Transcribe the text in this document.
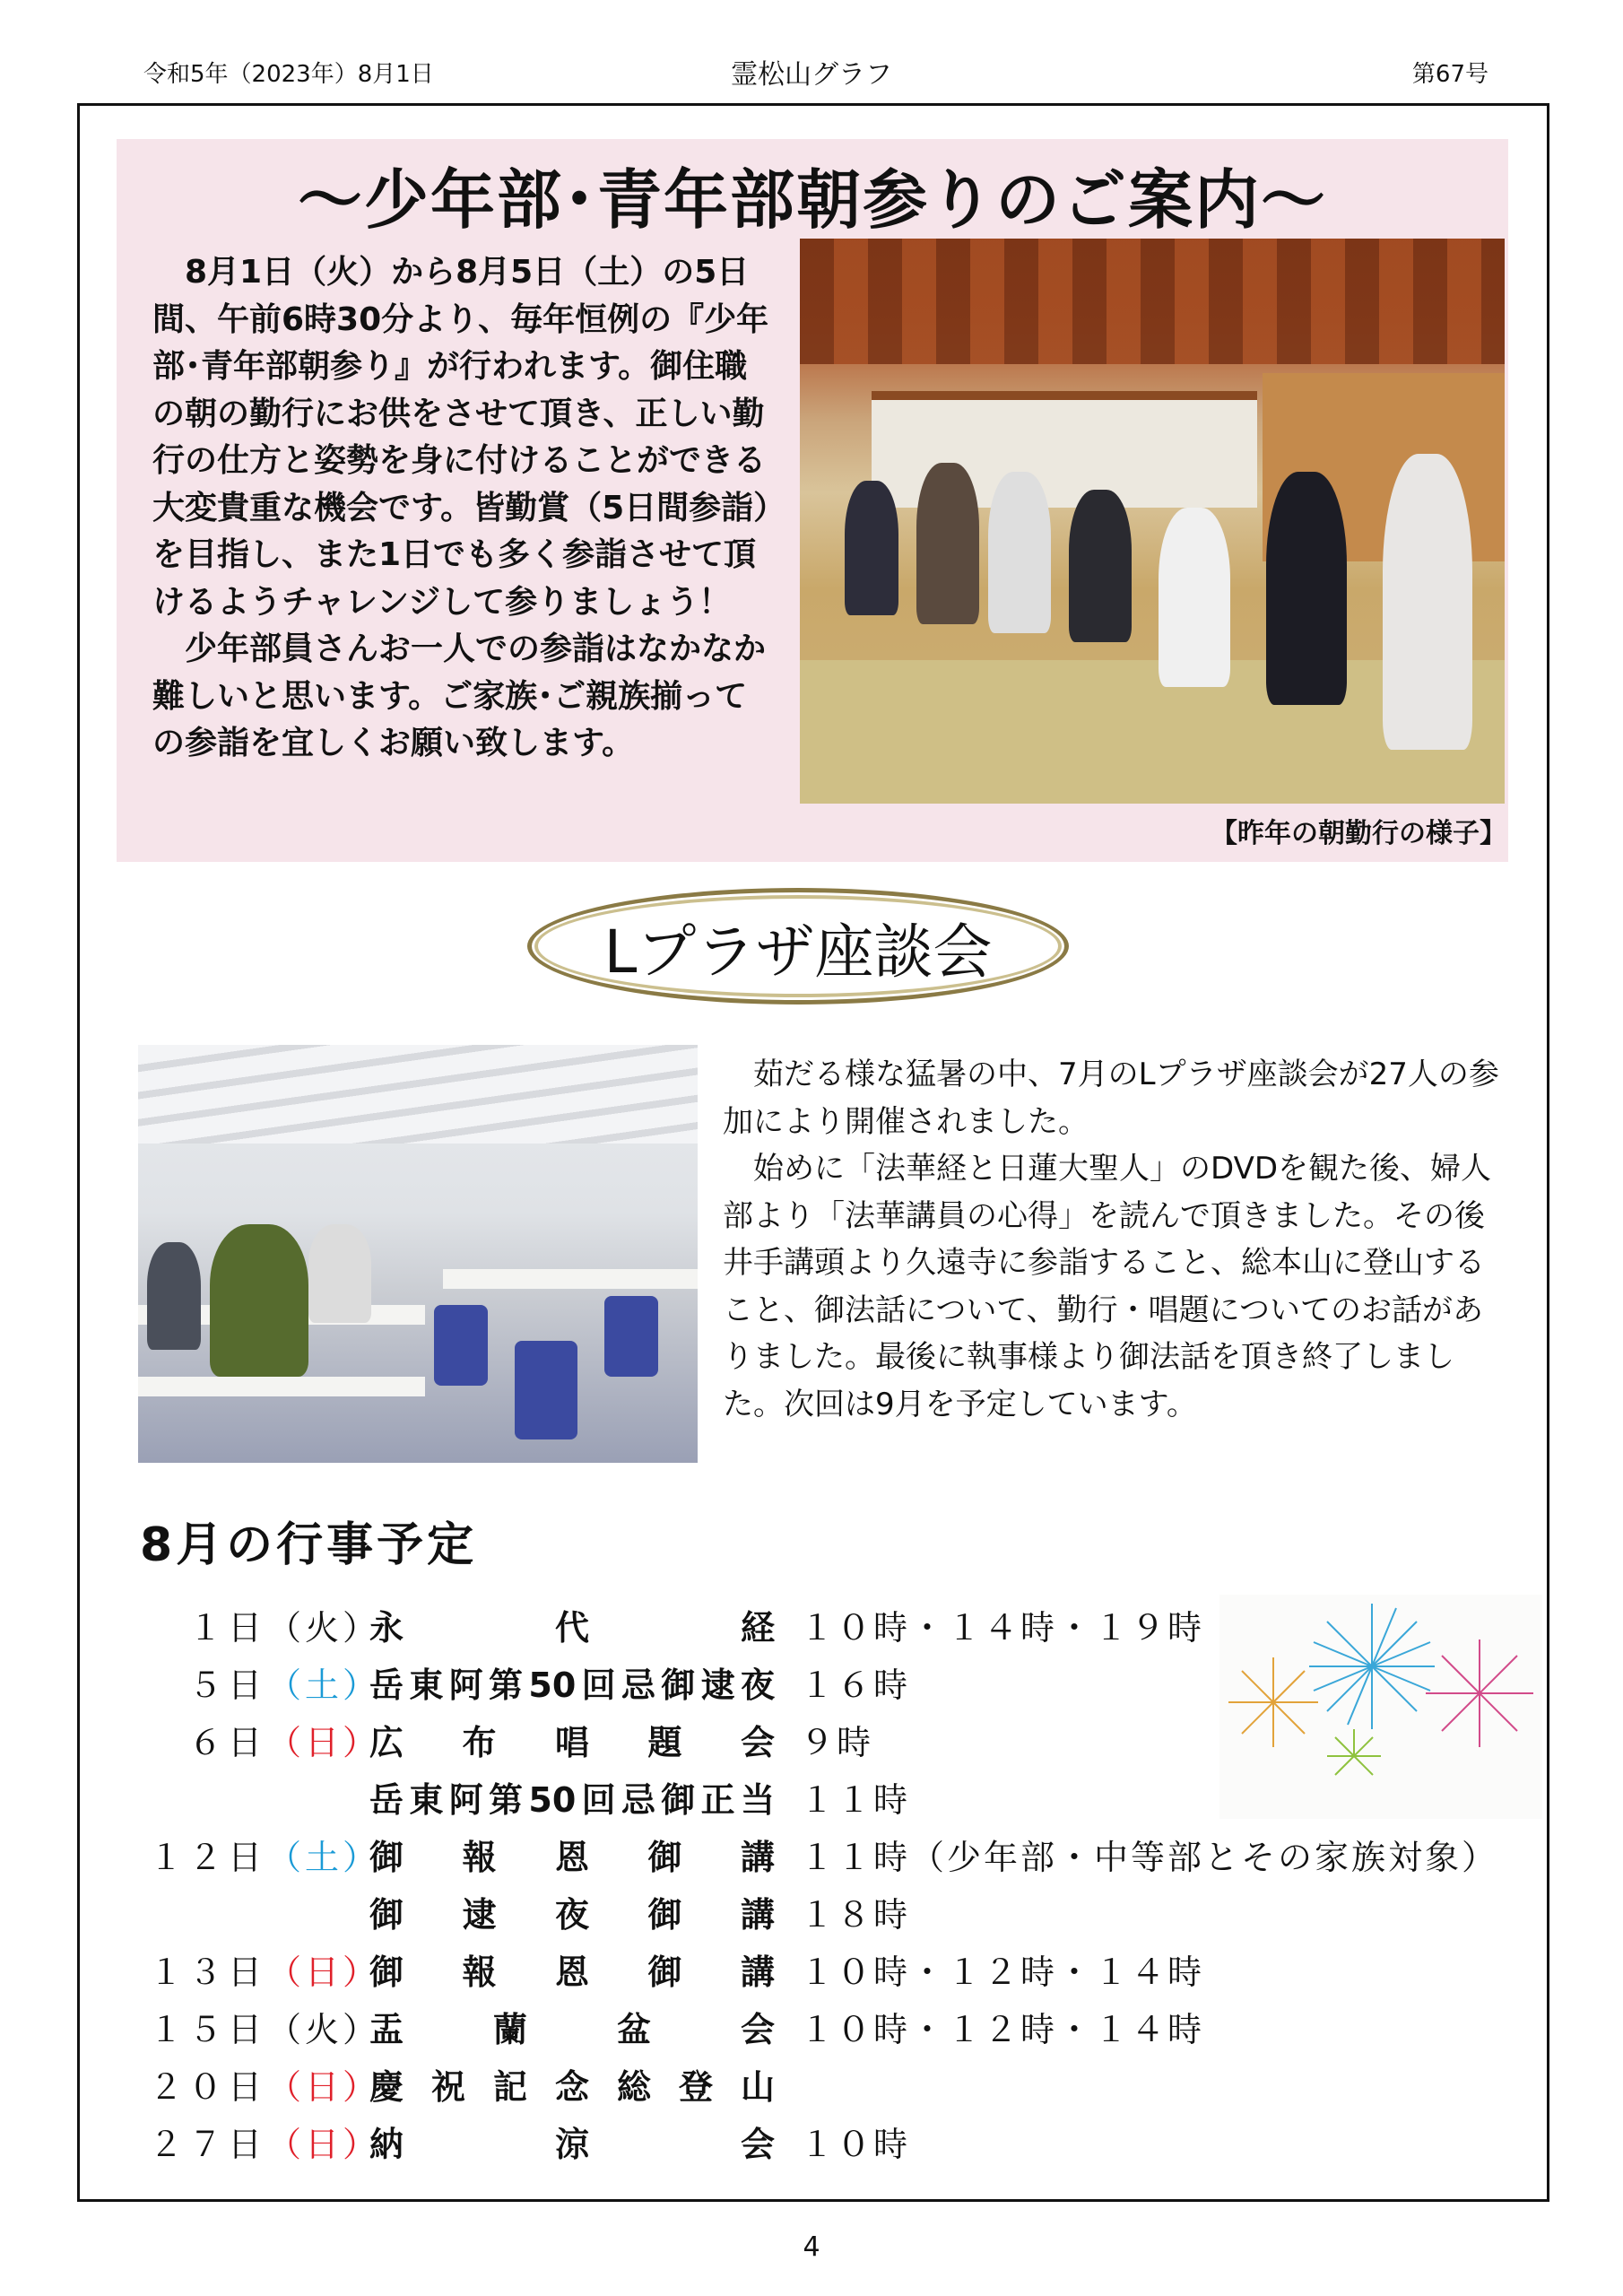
令和5年（2023年）8月1日	霊松山グラフ	第67号
～少年部･青年部朝参りのご案内～

8月1日（火）から8月5日（土）の5日間、午前6時30分より、毎年恒例の『少年部･青年部朝参り』が行われます。御住職の朝の勤行にお供をさせて頂き、正しい勤行の仕方と姿勢を身に付けることができる大変貴重な機会です。皆勤賞（5日間参詣）を目指し、また1日でも多く参詣させて頂けるようチャレンジして参りましょう！

少年部員さんお一人での参詣はなかなか難しいと思います。ご家族･ご親族揃っての参詣を宜しくお願い致します。

【昨年の朝勤行の様子】
Lプラザ座談会

茹だる様な猛暑の中、7月のLプラザ座談会が27人の参加により開催されました。

始めに「法華経と日蓮大聖人」のDVDを観た後、婦人部より「法華講員の心得」を読んで頂きました。その後井手講頭より久遠寺に参詣すること、総本山に登山すること、御法話について、勤行・唱題についてのお話がありました。最後に執事様より御法話を頂き終了しました。次回は9月を予定しています。

8月の行事予定
１日 （火）
永代経 １０時・１４時・１９時
５日 （土）
岳東阿第50回忌御逮夜 １６時
６日 （日）
広布唱題会 ９時
岳東阿第50回忌御正当 １１時
１２日 （土）
御報恩御講 １１時（少年部・中等部とその家族対象）
御逮夜御講 １８時
１３日 （日）
御報恩御講 １０時・１２時・１４時
１５日 （火）
盂蘭盆会 １０時・１２時・１４時
２０日 （日）
慶祝記念総登山
２７日 （日）
納涼会 １０時
4
